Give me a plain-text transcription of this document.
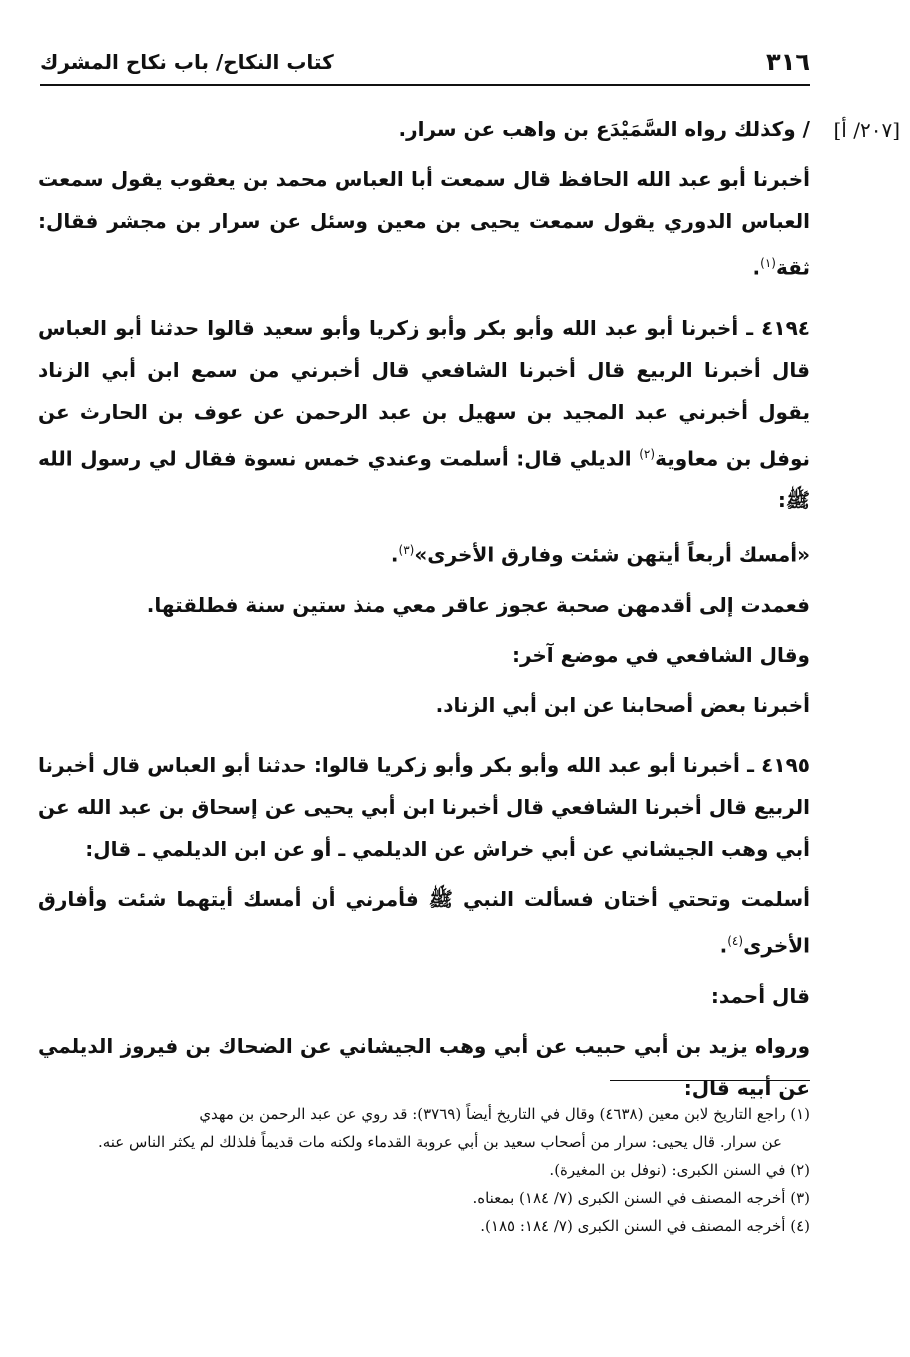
٣١٦
كتاب النكاح/ باب نكاح المشرك
[٢٠٧/ أ]

/ وكذلك رواه السَّمَيْدَع بن واهب عن سرار.

أخبرنا أبو عبد الله الحافظ قال سمعت أبا العباس محمد بن يعقوب يقول سمعت العباس الدوري يقول سمعت يحيى بن معين وسئل عن سرار بن مجشر فقال: ثقة$^{(١)}$.

٤١٩٤ ـ أخبرنا أبو عبد الله وأبو بكر وأبو زكريا وأبو سعيد قالوا حدثنا أبو العباس قال أخبرنا الربيع قال أخبرنا الشافعي قال أخبرني من سمع ابن أبي الزناد يقول أخبرني عبد المجيد بن سهيل بن عبد الرحمن عن عوف بن الحارث عن نوفل بن معاوية$^{(٢)}$ الديلي قال: أسلمت وعندي خمس نسوة فقال لي رسول الله ﷺ:

«أمسك أربعاً أيتهن شئت وفارق الأخرى»$^{(٣)}$.

فعمدت إلى أقدمهن صحبة عجوز عاقر معي منذ ستين سنة فطلقتها.

وقال الشافعي في موضع آخر:

أخبرنا بعض أصحابنا عن ابن أبي الزناد.

٤١٩٥ ـ أخبرنا أبو عبد الله وأبو بكر وأبو زكريا قالوا: حدثنا أبو العباس قال أخبرنا الربيع قال أخبرنا الشافعي قال أخبرنا ابن أبي يحيى عن إسحاق بن عبد الله عن أبي وهب الجيشاني عن أبي خراش عن الديلمي ـ أو عن ابن الديلمي ـ قال:

أسلمت وتحتي أختان فسألت النبي ﷺ فأمرني أن أمسك أيتهما شئت وأفارق الأخرى$^{(٤)}$.

قال أحمد:

ورواه يزيد بن أبي حبيب عن أبي وهب الجيشاني عن الضحاك بن فيروز الديلمي عن أبيه قال:

(١) راجع التاريخ لابن معين (٤٦٣٨) وقال في التاريخ أيضاً (٣٧٦٩): قد روي عن عبد الرحمن بن مهدي

عن سرار. قال يحيى: سرار من أصحاب سعيد بن أبي عروبة القدماء ولكنه مات قديماً فلذلك لم يكثر الناس عنه.

(٢) في السنن الكبرى: (نوفل بن المغيرة).

(٣) أخرجه المصنف في السنن الكبرى (٧/ ١٨٤) بمعناه.

(٤) أخرجه المصنف في السنن الكبرى (٧/ ١٨٤: ١٨٥).
